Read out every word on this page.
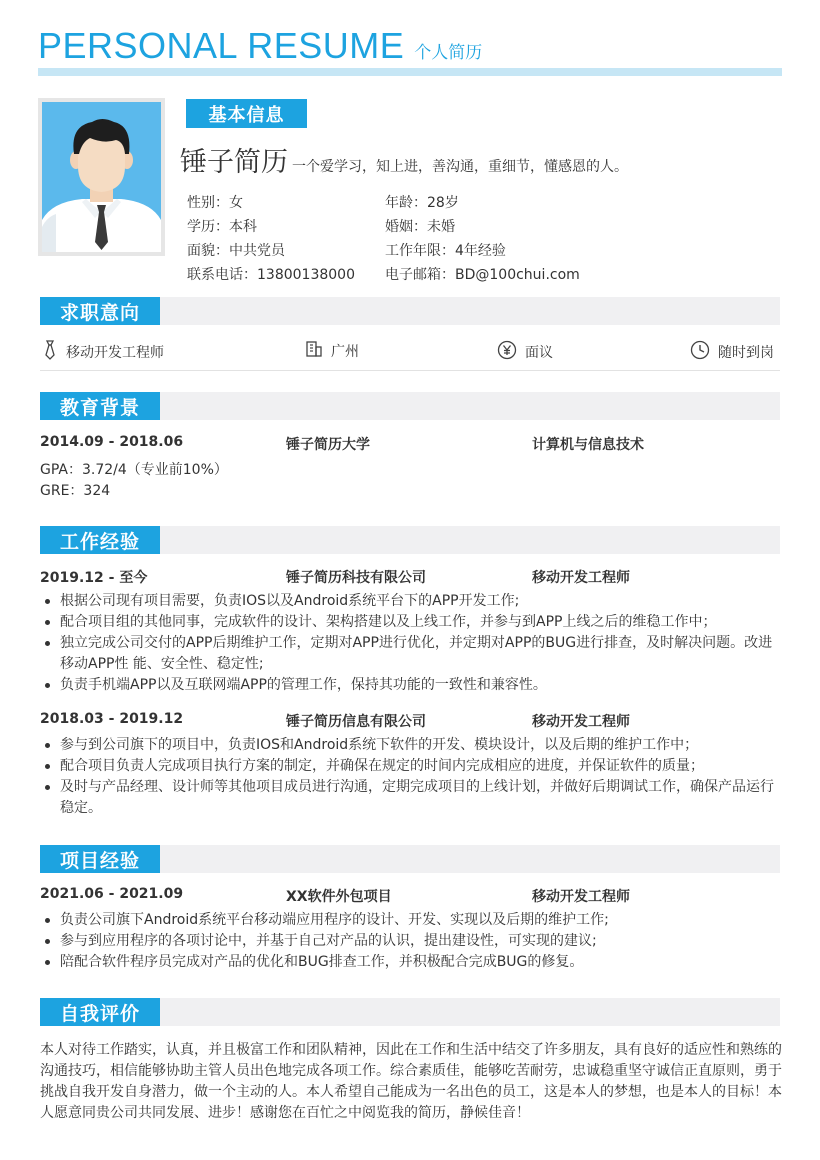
PERSONAL RESUME 个人简历
基本信息
锤子简历 一个爱学习，知上进，善沟通，重细节，懂感恩的人。
性别：女	年龄：28岁
学历：本科	婚姻：未婚
面貌：中共党员	工作年限：4年经验
联系电话：13800138000 电子邮箱：BD@100chui.com
求职意向
移动开发工程师	广州	面议	随时到岗
教育背景
2014.09 - 2018.06	锤子简历大学	计算机与信息技术
GPA：3.72/4（专业前10%）
GRE：324
工作经验
2019.12 - 至今	锤子简历科技有限公司	移动开发工程师
根据公司现有项目需要，负责IOS以及Android系统平台下的APP开发工作;
配合项目组的其他同事，完成软件的设计、架构搭建以及上线工作，并参与到APP上线之后的维稳工作中；
独立完成公司交付的APP后期维护工作，定期对APP进行优化，并定期对APP的BUG进行排查，及时解决问题。改进移动APP性 能、安全性、稳定性;
负责手机端APP以及互联网端APP的管理工作，保持其功能的一致性和兼容性。
2018.03 - 2019.12	锤子简历信息有限公司	移动开发工程师
参与到公司旗下的项目中，负责IOS和Android系统下软件的开发、模块设计，以及后期的维护工作中；
配合项目负责人完成项目执行方案的制定，并确保在规定的时间内完成相应的进度，并保证软件的质量；
及时与产品经理、设计师等其他项目成员进行沟通，定期完成项目的上线计划，并做好后期调试工作，确保产品运行稳定。
项目经验
2021.06 - 2021.09	XX软件外包项目	移动开发工程师
负责公司旗下Android系统平台移动端应用程序的设计、开发、实现以及后期的维护工作;
参与到应用程序的各项讨论中，并基于自己对产品的认识，提出建设性，可实现的建议;
陪配合软件程序员完成对产品的优化和BUG排查工作，并积极配合完成BUG的修复。
自我评价
本人对待工作踏实，认真，并且极富工作和团队精神，因此在工作和生活中结交了许多朋友，具有良好的适应性和熟练的沟通技巧，相信能够协助主管人员出色地完成各项工作。综合素质佳，能够吃苦耐劳，忠诚稳重坚守诚信正直原则，勇于挑战自我开发自身潜力，做一个主动的人。本人希望自己能成为一名出色的员工，这是本人的梦想，也是本人的目标！本人愿意同贵公司共同发展、进步！感谢您在百忙之中阅览我的简历，静候佳音！
